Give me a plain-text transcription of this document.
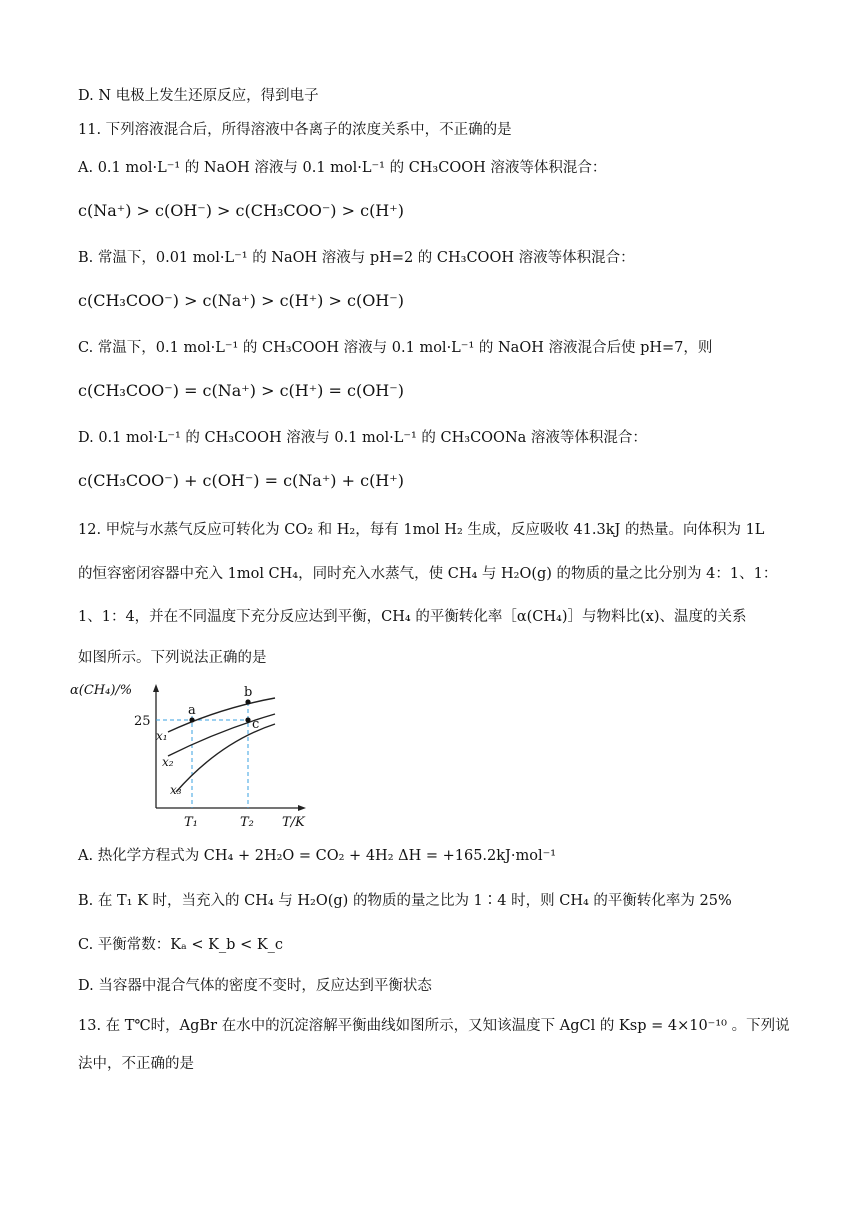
D. N 电极上发生还原反应，得到电子
11. 下列溶液混合后，所得溶液中各离子的浓度关系中，不正确的是
A. 0.1 mol·L⁻¹ 的 NaOH 溶液与 0.1 mol·L⁻¹ 的 CH₃COOH 溶液等体积混合：
c(Na⁺) > c(OH⁻) > c(CH₃COO⁻) > c(H⁺)
B. 常温下，0.01 mol·L⁻¹ 的 NaOH 溶液与 pH=2 的 CH₃COOH 溶液等体积混合：
c(CH₃COO⁻) > c(Na⁺) > c(H⁺) > c(OH⁻)
C. 常温下，0.1 mol·L⁻¹ 的 CH₃COOH 溶液与 0.1 mol·L⁻¹ 的 NaOH 溶液混合后使 pH=7，则
c(CH₃COO⁻) = c(Na⁺) > c(H⁺) = c(OH⁻)
D. 0.1 mol·L⁻¹ 的 CH₃COOH 溶液与 0.1 mol·L⁻¹ 的 CH₃COONa 溶液等体积混合：
c(CH₃COO⁻) + c(OH⁻) = c(Na⁺) + c(H⁺)
12. 甲烷与水蒸气反应可转化为 CO₂ 和 H₂，每有 1mol H₂ 生成，反应吸收 41.3kJ 的热量。向体积为 1L
的恒容密闭容器中充入 1mol CH₄，同时充入水蒸气，使 CH₄ 与 H₂O(g) 的物质的量之比分别为 4：1、1：
1、1：4，并在不同温度下充分反应达到平衡，CH₄ 的平衡转化率［α(CH₄)］与物料比(x)、温度的关系
如图所示。下列说法正确的是
α(CH₄)/%
25
T₁	T₂ T/K
a
b
c
x₁
x₂
x₃
A. 热化学方程式为 CH₄ + 2H₂O = CO₂ + 4H₂ ΔH = +165.2kJ·mol⁻¹
B. 在 T₁ K 时，当充入的 CH₄ 与 H₂O(g) 的物质的量之比为 1∶4 时，则 CH₄ 的平衡转化率为 25%
C. 平衡常数：Kₐ < K_b < K_c
D. 当容器中混合气体的密度不变时，反应达到平衡状态
13. 在 T℃时，AgBr 在水中的沉淀溶解平衡曲线如图所示，又知该温度下 AgCl 的 Ksp = 4×10⁻¹⁰ 。下列说
法中，不正确的是
